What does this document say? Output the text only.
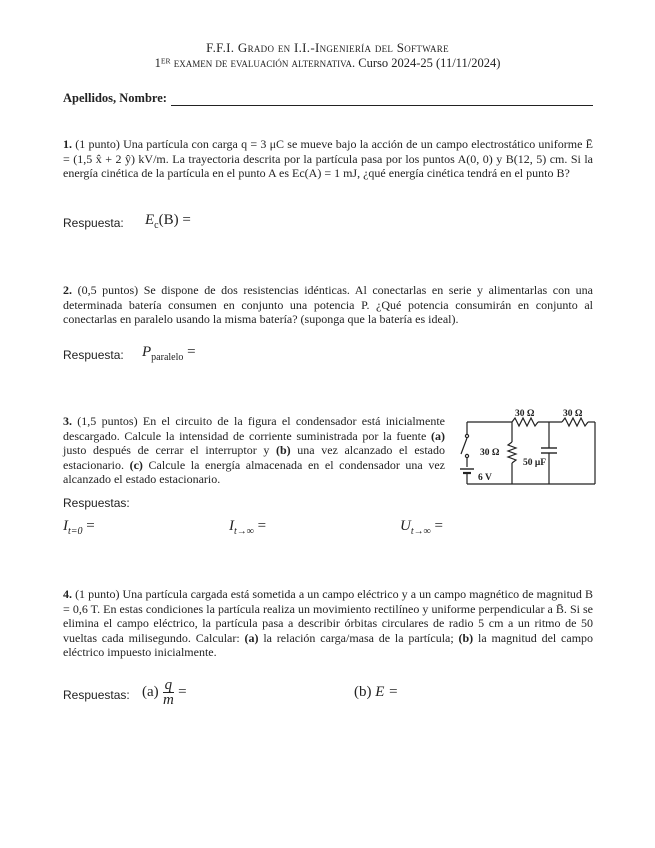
F.F.I. Grado en I.I.-Ingeniería del Software
1ᴱᴿ examen de evaluación alternativa. Curso 2024-25 (11/11/2024)
Apellidos, Nombre:
1. (1 punto) Una partícula con carga q = 3 μC se mueve bajo la acción de un campo electrostático uniforme Ē = (1,5 x̂ + 2 ŷ) kV/m. La trayectoria descrita por la partícula pasa por los puntos A(0, 0) y B(12, 5) cm. Si la energía cinética de la partícula en el punto A es Ec(A) = 1 mJ, ¿qué energía cinética tendrá en el punto B?
Respuesta: $E_c(B)$ =
2. (0,5 puntos) Se dispone de dos resistencias idénticas. Al conectarlas en serie y alimentarlas con una determinada batería consumen en conjunto una potencia P. ¿Qué potencia consumirán en conjunto al conectarlas en paralelo usando la misma batería? (suponga que la batería es ideal).
Respuesta: $P_{paralelo}$ =
3. (1,5 puntos) En el circuito de la figura el condensador está inicialmente descargado. Calcule la intensidad de corriente suministrada por la fuente (a) justo después de cerrar el interruptor y (b) una vez alcanzado el estado estacionario. (c) Calcule la energía almacenada en el condensador una vez alcanzado el estado estacionario.
30 Ω	30 Ω
30 Ω
50 μF
6 V
Respuestas:
$I_{t=0}$ =	$I_{t\to\infty}$ =	$U_{t\to\infty}$ =
4. (1 punto) Una partícula cargada está sometida a un campo eléctrico y a un campo magnético de magnitud B = 0,6 T. En estas condiciones la partícula realiza un movimiento rectilíneo y uniforme perpendicular a B̄. Si se elimina el campo eléctrico, la partícula pasa a describir órbitas circulares de radio 5 cm a un ritmo de 50 vueltas cada milisegundo. Calcular: (a) la relación carga/masa de la partícula; (b) la magnitud del campo eléctrico impuesto inicialmente.
Respuestas: $(a) \frac{q}{m}$ =	(b) E =
